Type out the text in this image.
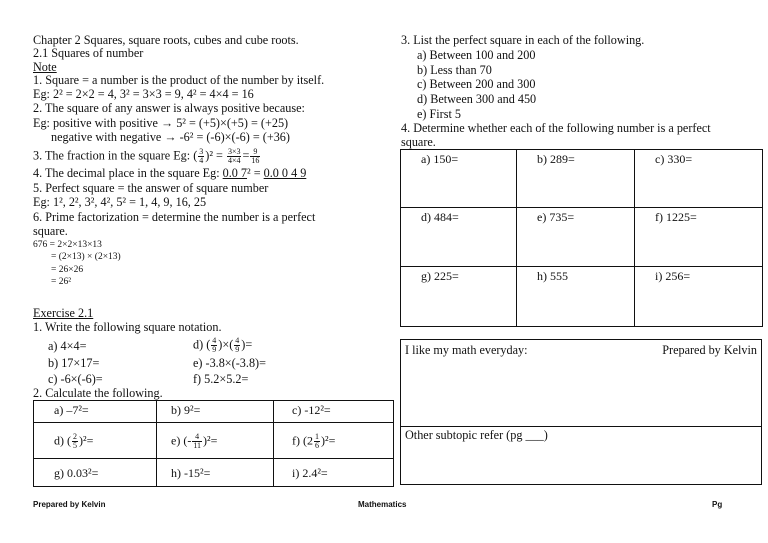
Chapter 2 Squares, square roots, cubes and cube roots.
2.1 Squares of number
Note
1. Square = a number is the product of the number by itself.
Eg: 2² = 2×2 = 4, 3² = 3×3 = 9, 4² = 4×4 = 16
2. The square of any answer is always positive because:
Eg: positive with positive → 5² = (+5)×(+5) = (+25)
negative with negative → -6² = (-6)×(-6) = (+36)
3. The fraction in the square Eg: ( $\frac{3}{4} )^2 = \frac{3\times 3}{4\times 4} = \frac{9}{16}$
4. The decimal place in the square Eg: 0.0 7² = 0.0 0 4 9
5. Perfect square = the answer of square number
Eg: 1², 2², 3², 4², 5² = 1, 4, 9, 16, 25
6. Prime factorization = determine the number is a perfect
square.
676 = 2×2×13×13
= (2×13) × (2×13)
= 26×26
= 26²
Exercise 2.1
1. Write the following square notation.
a) 4×4=
b) 17×17=
c) -6×(-6)=
d) ( $\frac{4}{9}$ )×( $\frac{4}{9}$ )=
e) -3.8×(-3.8)=
f) 5.2×5.2=
2. Calculate the following.
a) –7²=	b) 9²=	c) -12²=
d) ( $\frac{2}{5} )^2=$	e) (- $\frac{4}{11} )^2=$	f) $(2 \frac{1}{6} )^2=$
g) 0.03²=	h) -15²=	i) 2.4²=
3. List the perfect square in each of the following.
a) Between 100 and 200
b) Less than 70
c) Between 200 and 300
d) Between 300 and 450
e) First 5
4. Determine whether each of the following number is a perfect
square.
a) 150=	b) 289=	c) 330=
d) 484=	e) 735=	f) 1225=
g) 225=	h) 555	i) 256=
I like my math everyday:	Prepared by Kelvin
Other subtopic refer (pg ___)
Prepared by Kelvin	Mathematics	Pg
